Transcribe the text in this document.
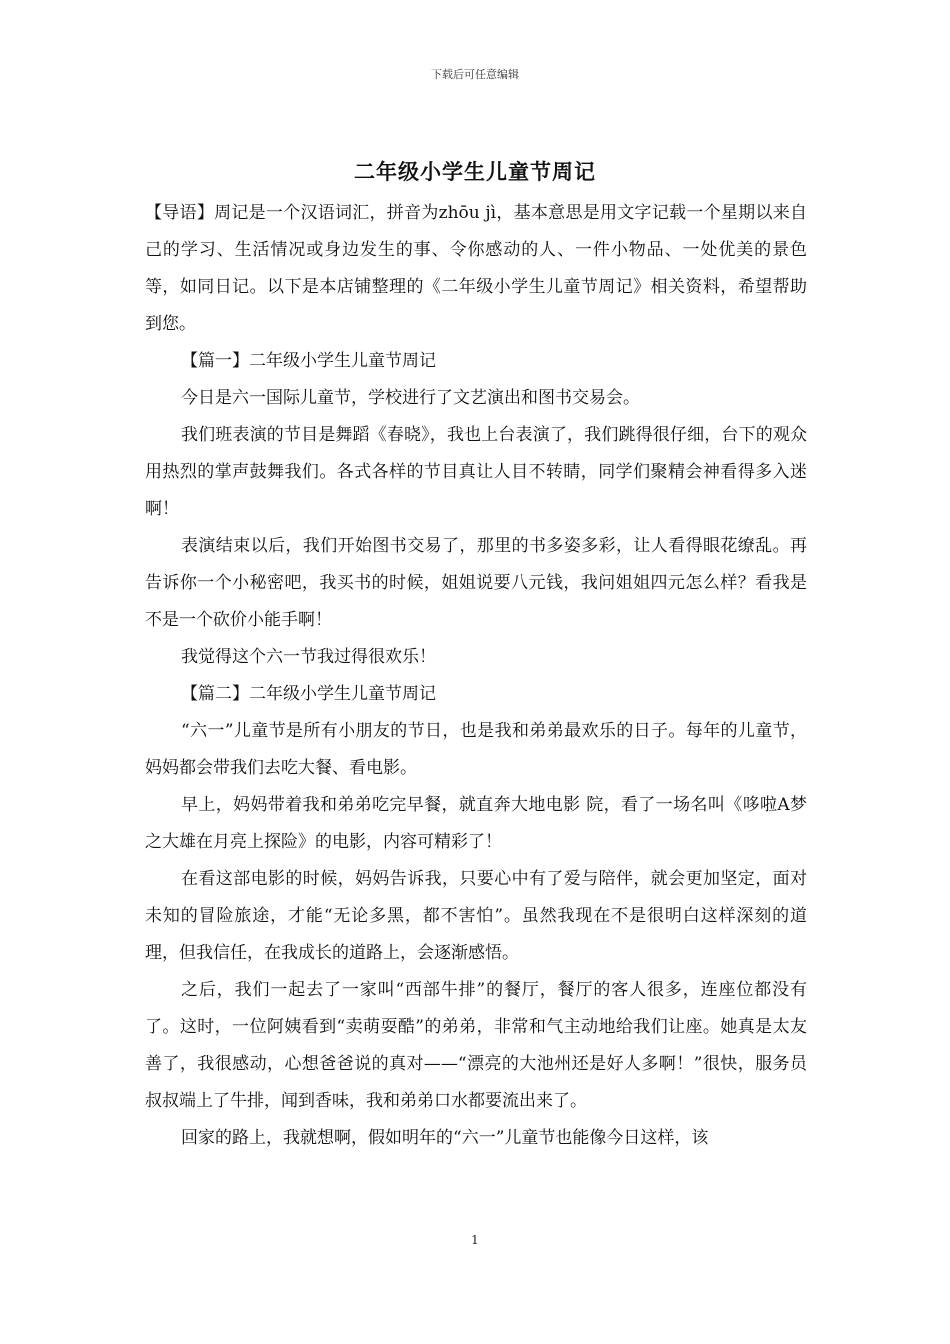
下载后可任意编辑
二年级小学生儿童节周记

【导语】周记是一个汉语词汇，拼音为zhōu jì，基本意思是用文字记载一个星期以来自己的学习、生活情况或身边发生的事、令你感动的人、一件小物品、一处优美的景色等，如同日记。以下是本店铺整理的《二年级小学生儿童节周记》相关资料，希望帮助到您。

【篇一】二年级小学生儿童节周记

今日是六一国际儿童节，学校进行了文艺演出和图书交易会。

我们班表演的节目是舞蹈《春晓》，我也上台表演了，我们跳得很仔细，台下的观众用热烈的掌声鼓舞我们。各式各样的节目真让人目不转睛，同学们聚精会神看得多入迷啊！

表演结束以后，我们开始图书交易了，那里的书多姿多彩，让人看得眼花缭乱。再告诉你一个小秘密吧，我买书的时候，姐姐说要八元钱，我问姐姐四元怎么样？看我是不是一个砍价小能手啊！

我觉得这个六一节我过得很欢乐！

【篇二】二年级小学生儿童节周记

“六一”儿童节是所有小朋友的节日，也是我和弟弟最欢乐的日子。每年的儿童节，妈妈都会带我们去吃大餐、看电影。

早上，妈妈带着我和弟弟吃完早餐，就直奔大地电影 院，看了一场名叫《哆啦A梦之大雄在月亮上探险》的电影，内容可精彩了！

在看这部电影的时候，妈妈告诉我，只要心中有了爱与陪伴，就会更加坚定，面对未知的冒险旅途，才能“无论多黑，都不害怕”。虽然我现在不是很明白这样深刻的道理，但我信任，在我成长的道路上，会逐渐感悟。

之后，我们一起去了一家叫“西部牛排”的餐厅，餐厅的客人很多，连座位都没有了。这时，一位阿姨看到“卖萌耍酷”的弟弟，非常和气主动地给我们让座。她真是太友善了，我很感动，心想爸爸说的真对——“漂亮的大池州还是好人多啊！”很快，服务员叔叔端上了牛排，闻到香味，我和弟弟口水都要流出来了。

回家的路上，我就想啊，假如明年的“六一”儿童节也能像今日这样，该

1
